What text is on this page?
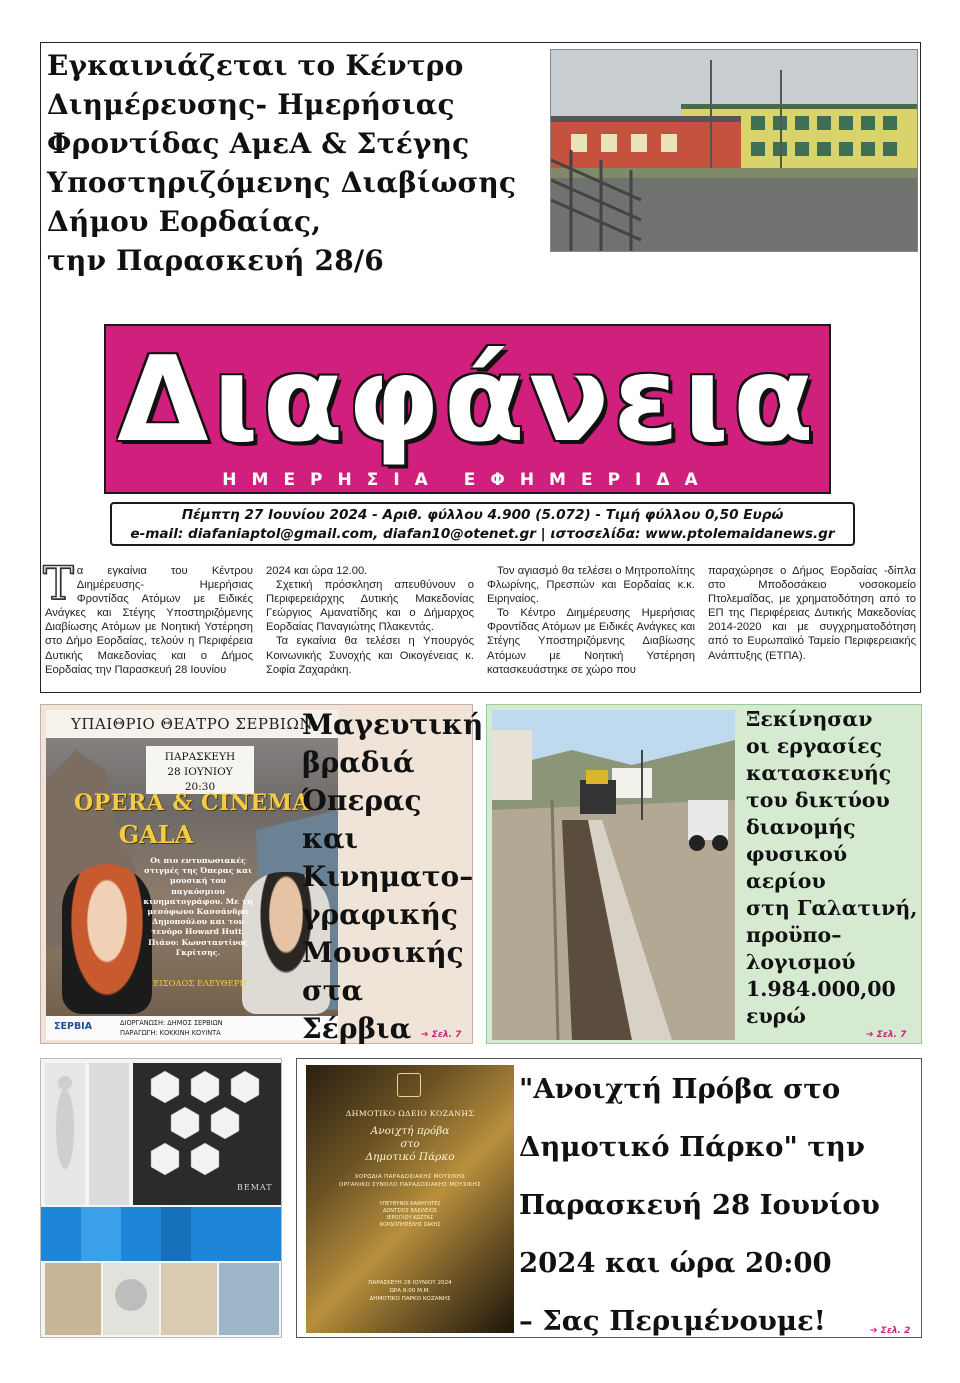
Εγκαινιάζεται το Κέντρο
Διημέρευσης- Ημερήσιας
Φροντίδας ΑμεΑ & Στέγης
Υποστηριζόμενης Διαβίωσης
Δήμου Εορδαίας,
την Παρασκευή 28/6
Διαφάνεια
ΗΜΕΡΗΣΙΑ ΕΦΗΜΕΡΙΔΑ
Πέμπτη 27 Ιουνίου 2024 - Αριθ. φύλλου 4.900 (5.072) - Τιμή φύλλου 0,50 Ευρώ
e-mail: diafaniaptol@gmail.com, diafan10@otenet.gr | ιστοσελίδα: www.ptolemaidanews.gr
Τ α εγκαίνια του Κέντρου Διημέρευσης- Ημερήσιας Φροντίδας Ατόμων με Ειδικές Ανάγκες και Στέγης Υποστηριζόμενης Διαβίωσης Ατόμων με Νοητική Υστέρηση στο Δήμο Εορδαίας, τελούν η Περιφέρεια Δυτικής Μακεδονίας και ο Δήμος Εορδαίας την Παρασκευή 28 Ιουνίου
2024 και ώρα 12.00.

Σχετική πρόσκληση απευθύνουν ο Περιφερειάρχης Δυτικής Μακεδονίας Γεώργιος Αμανατίδης και ο Δήμαρχος Εορδαίας Παναγιώτης Πλακεντάς.

Τα εγκαίνια θα τελέσει η Υπουργός Κοινωνικής Συνοχής και Οικογένειας κ. Σοφία Ζαχαράκη.

Τον αγιασμό θα τελέσει ο Μητροπολίτης Φλωρίνης, Πρεσπών και Εορδαίας κ.κ. Ειρηναίος.

Το Κέντρο Διημέρευσης Ημερήσιας Φροντίδας Ατόμων με Ειδικές Ανάγκες και Στέγης Υποστηριζόμενης Διαβίωσης Ατόμων με Νοητική Υστέρηση κατασκευάστηκε σε χώρο που

παραχώρησε ο Δήμος Εορδαίας -δίπλα στο Μποδοσάκειο νοσοκομείο Πτολεμαΐδας, με χρηματοδότηση από το ΕΠ της Περιφέρειας Δυτικής Μακεδονίας 2014-2020 και με συγχρηματοδότηση από το Ευρωπαϊκό Ταμείο Περιφερειακής Ανάπτυξης (ΕΤΠΑ).
ΥΠΑΙΘΡΙΟ ΘΕΑΤΡΟ ΣΕΡΒΙΩΝ
ΠΑΡΑΣΚΕΥΗ
28 ΙΟΥΝΙΟΥ
20:30
OPERA & CINEMA
GALA
Οι πιο εντυπωσιακές στιγμές της Όπερας και μουσική του παγκόσμιου κινηματογράφου. Με τη μεσόφωνο Κασσάνδρα Δημοπούλου και τον τενόρο Howard Hutt. Πιάνο: Κωνσταντίνος Γκρίτσης.
ΕΙΣΟΔΟΣ ΕΛΕΥΘΕΡΗ
ΣΕΡΒΙΑ	ΔΙΟΡΓΑΝΩΣΗ: ΔΗΜΟΣ ΣΕΡΒΙΩΝ
ΠΑΡΑΓΩΓΗ: ΚΟΚΚΙΝΗ ΚΟΥΙΝΤΑ
Μαγευτική
βραδιά
Όπερας
και
Κινηματο–
γραφικής
Μουσικής
στα
Σέρβια	➔ Σελ. 7
Ξεκίνησαν
οι εργασίες
κατασκευής
του δικτύου
διανομής
φυσικού
αερίου
στη Γαλατινή,
προϋπο–
λογισμού
1.984.000,00
ευρώ
➔ Σελ. 7
BEMAT
ΔΗΜΟΤΙΚΟ ΩΔΕΙΟ ΚΟΖΑΝΗΣ
Ανοιχτή πρόβα
στο
Δημοτικό Πάρκο
ΧΟΡΩΔΙΑ ΠΑΡΑΔΟΣΙΑΚΗΣ ΜΟΥΣΙΚΗΣ
ΟΡΓΑΝΙΚΟ ΣΥΝΟΛΟ ΠΑΡΑΔΟΣΙΑΚΗΣ ΜΟΥΣΙΚΗΣ
ΥΠΕΥΘΥΝΟΙ ΚΑΘΗΓΗΤΕΣ
ΔΟΝΤΣΙΟΣ ΒΑΣΙΛΕΙΟΣ
ΙΕΡΟΓΛΟΥ ΚΩΣΤΑΣ
ΚΟΡΔΟΠΗΠΕΛΗΣ ΣΑΚΗΣ
ΠΑΡΑΣΚΕΥΗ 28 ΙΟΥΝΙΟΥ 2024
ΩΡΑ 8:00 Μ.Μ.
ΔΗΜΟΤΙΚΟ ΠΑΡΚΟ ΚΟΖΑΝΗΣ
"Ανοιχτή Πρόβα στο
Δημοτικό Πάρκο" την
Παρασκευή 28 Ιουνίου
2024 και ώρα 20:00
– Σας Περιμένουμε!	➔ Σελ. 2
